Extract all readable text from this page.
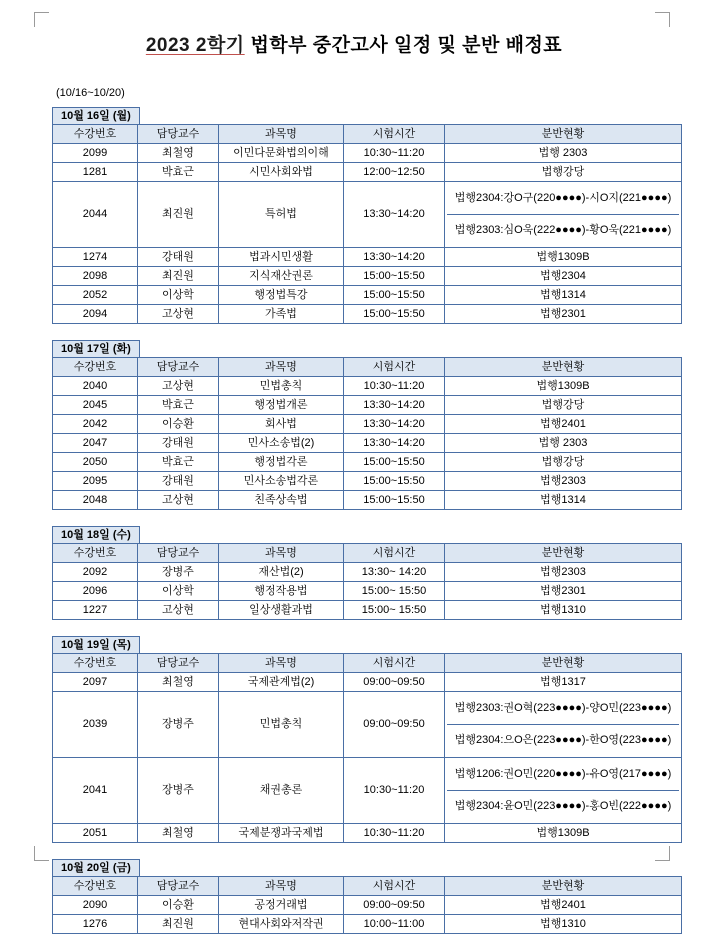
2023 2학기 법학부 중간고사 일정 및 분반 배정표
(10/16~10/20)
10월 16일 (월)
수강번호	담당교수	과목명	시험시간	분반현황
2099	최철영	이민다문화법의이해	10:30~11:20	법행 2303
1281	박효근	시민사회와법	12:00~12:50	법행강당
2044	최진원	특허법	13:30~14:20	법행2304:강O구(220●●●●)-시O지(221●●●●)
법행2303:심O욱(222●●●●)-황O욱(221●●●●)

1274	강태원	법과시민생활	13:30~14:20	법행1309B
2098	최진원	지식재산권론	15:00~15:50	법행2304
2052	이상학	행정법특강	15:00~15:50	법행1314
2094	고상현	가족법	15:00~15:50	법행2301
10월 17일 (화)
수강번호	담당교수	과목명	시험시간	분반현황
2040	고상현	민법총칙	10:30~11:20	법행1309B
2045	박효근	행정법개론	13:30~14:20	법행강당
2042	이승환	회사법	13:30~14:20	법행2401
2047	강태원	민사소송법(2)	13:30~14:20	법행 2303
2050	박효근	행정법각론	15:00~15:50	법행강당
2095	강태원	민사소송법각론	15:00~15:50	법행2303
2048	고상현	친족상속법	15:00~15:50	법행1314
10월 18일 (수)
수강번호	담당교수	과목명	시험시간	분반현황
2092	장병주	재산법(2)	13:30~ 14:20	법행2303
2096	이상학	행정작용법	15:00~ 15:50	법행2301
1227	고상현	일상생활과법	15:00~ 15:50	법행1310
10월 19일 (목)
수강번호	담당교수	과목명	시험시간	분반현황
2097	최철영	국제관계법(2)	09:00~09:50	법행1317
2039	장병주	민법총칙	09:00~09:50	법행2303:권O혁(223●●●●)-양O민(223●●●●)
법행2304:으O은(223●●●●)-한O영(223●●●●)

2041	장병주	채권총론	10:30~11:20	법행1206:권O민(220●●●●)-유O영(217●●●●)
법행2304:윤O민(223●●●●)-홍O빈(222●●●●)

2051	최철영	국제분쟁과국제법	10:30~11:20	법행1309B
10월 20일 (금)
수강번호	담당교수	과목명	시험시간	분반현황
2090	이승환	공정거래법	09:00~09:50	법행2401
1276	최진원	현대사회와저작권	10:00~11:00	법행1310
